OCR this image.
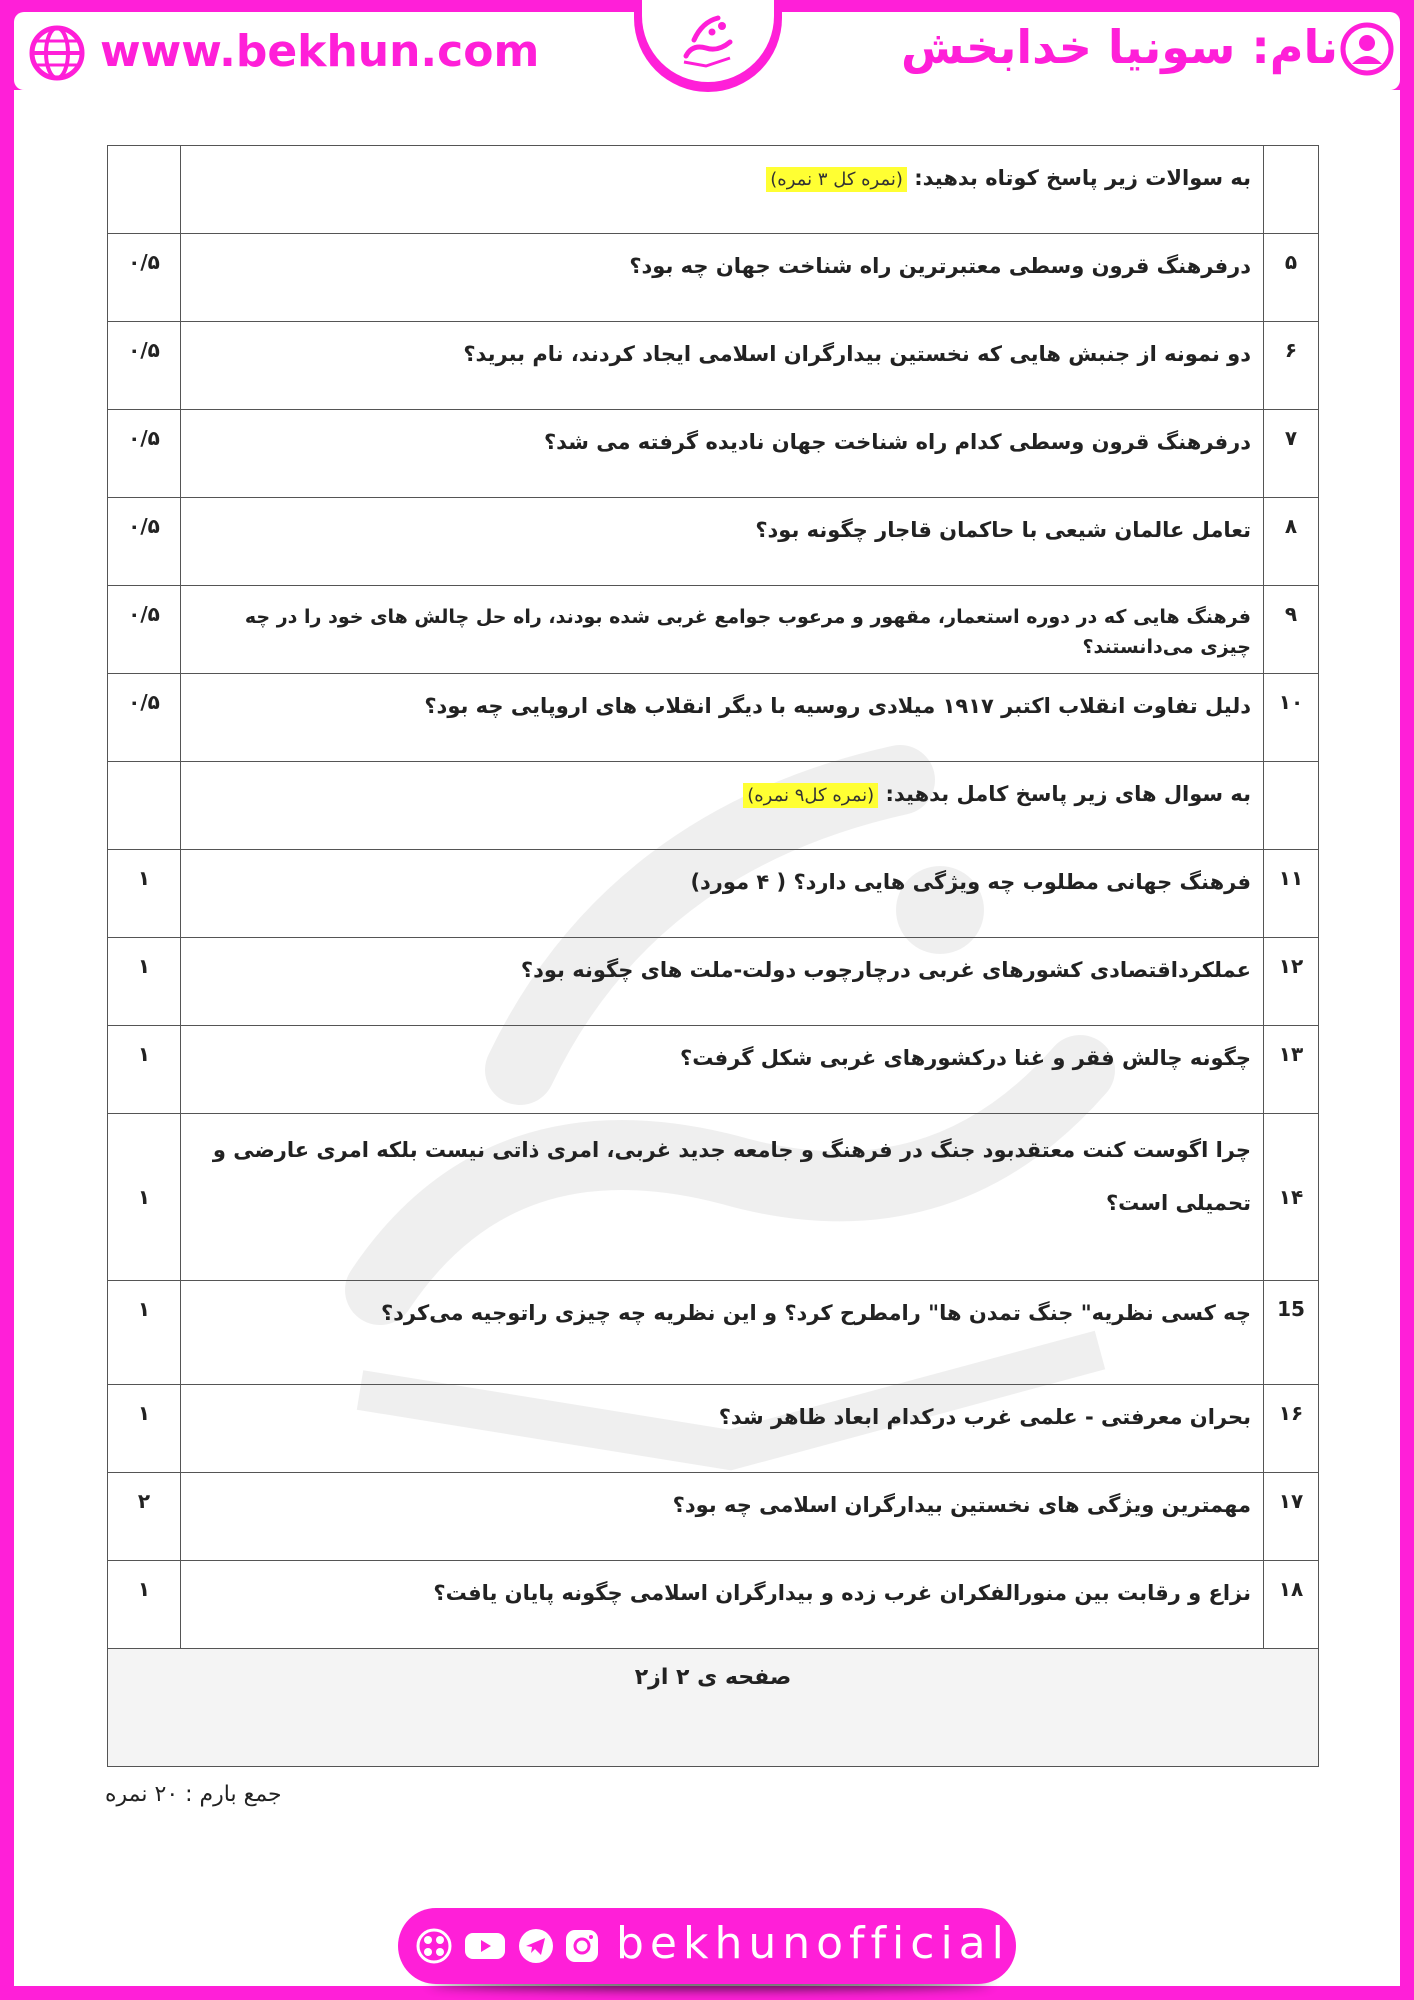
نام: سونیا خدابخش
www.bekhun.com
	به سوالات زیر پاسخ کوتاه بدهید: (نمره کل ۳ نمره)	
۵	درفرهنگ قرون وسطی معتبرترین راه شناخت جهان چه بود؟	۰/۵
۶	دو نمونه از جنبش هایی که نخستین بیدارگران اسلامی ایجاد کردند، نام ببرید؟	۰/۵
۷	درفرهنگ قرون وسطی کدام راه شناخت جهان نادیده گرفته می شد؟	۰/۵
۸	تعامل عالمان شیعی با حاکمان قاجار چگونه بود؟	۰/۵
۹	فرهنگ هایی که در دوره استعمار، مقهور و مرعوب جوامع غربی شده بودند، راه حل چالش های خود را در چه چیزی می‌دانستند؟	۰/۵
۱۰	دلیل تفاوت انقلاب اکتبر ۱۹۱۷ میلادی روسیه با دیگر انقلاب های اروپایی چه بود؟	۰/۵
	به سوال های زیر پاسخ کامل بدهید: (نمره کل۹ نمره)	
۱۱	فرهنگ جهانی مطلوب چه ویژگی هایی دارد؟ ( ۴ مورد)	۱
۱۲	عملکرداقتصادی کشورهای غربی درچارچوب دولت-ملت های چگونه بود؟	۱
۱۳	چگونه چالش فقر و غنا درکشورهای غربی شکل گرفت؟	۱
۱۴	چرا اگوست کنت معتقدبود جنگ در فرهنگ و جامعه جدید غربی، امری ذاتی نیست بلکه امری عارضی و تحمیلی است؟	۱
15	چه کسی نظریه" جنگ تمدن ها" رامطرح کرد؟ و این نظریه چه چیزی راتوجیه می‌کرد؟	۱
۱۶	بحران معرفتی - علمی غرب درکدام ابعاد ظاهر شد؟	۱
۱۷	مهمترین ویژگی های نخستین بیدارگران اسلامی چه بود؟	۲
۱۸	نزاع و رقابت بین منورالفکران غرب زده و بیدارگران اسلامی چگونه پایان یافت؟	۱
صفحه ی ۲ از۲		
جمع بارم : ۲۰ نمره
bekhunofficial
